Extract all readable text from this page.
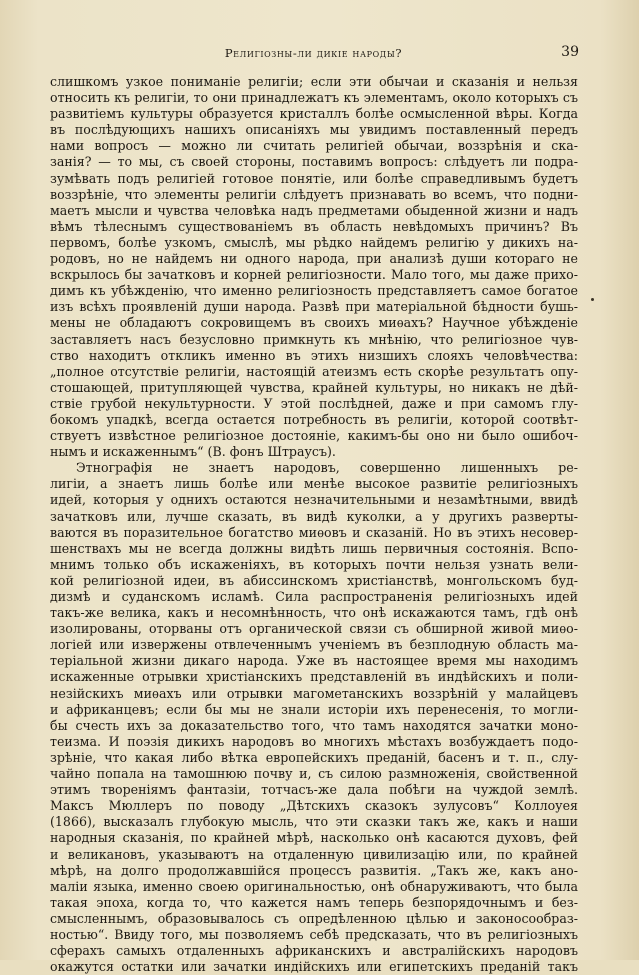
Религіозны-ли дикіе народы?	39
слишкомъ узкое пониманіе религіи; если эти обычаи и сказанія и нельзя
относить къ религіи, то они принадлежатъ къ элементамъ, около которыхъ съ
развитіемъ культуры образуется кристаллъ болѣе осмысленной вѣры. Когда
въ послѣдующихъ нашихъ описаніяхъ мы увидимъ поставленный передъ
нами вопросъ — можно ли считать религіей обычаи, воззрѣнія и ска-
занія? — то мы, съ своей стороны, поставимъ вопросъ: слѣдуетъ ли подра-
зумѣвать подъ религіей готовое понятіе, или болѣе справедливымъ будетъ
воззрѣніе, что элементы религіи слѣдуетъ признавать во всемъ, что подни-
маетъ мысли и чувства человѣка надъ предметами обыденной жизни и надъ
вѣмъ тѣлеснымъ существованіемъ въ область невѣдомыхъ причинъ? Въ
первомъ, болѣе узкомъ, смыслѣ, мы рѣдко найдемъ религію у дикихъ на-
родовъ, но не найдемъ ни одного народа, при анализѣ души котораго не
вскрылось бы зачатковъ и корней религіозности. Мало того, мы даже прихо-
димъ къ убѣжденію, что именно религіозность представляетъ самое богатое
изъ всѣхъ проявленій души народа. Развѣ при матеріальной бѣдности бушь-
мены не обладаютъ сокровищемъ въ своихъ миѳахъ? Научное убѣжденіе
заставляетъ насъ безусловно примкнуть къ мнѣнію, что религіозное чув-
ство находитъ откликъ именно въ этихъ низшихъ слояхъ человѣчества:
„полное отсутствіе религіи, настоящій атеизмъ есть скорѣе результатъ опу-
стошающей, притупляющей чувства, крайней культуры, но никакъ не дѣй-
ствіе грубой некультурности. У этой послѣдней, даже и при самомъ глу-
бокомъ упадкѣ, всегда остается потребность въ религіи, которой соотвѣт-
ствуетъ извѣстное религіозное достояніе, какимъ-бы оно ни было ошибоч-
нымъ и искаженнымъ“ (В. фонъ Штраусъ).
Этнографія не знаетъ народовъ, совершенно лишенныхъ ре-
лигіи, а знаетъ лишь болѣе или менѣе высокое развитіе религіозныхъ
идей, которыя у однихъ остаются незначительными и незамѣтными, ввидѣ
зачатковъ или, лучше сказать, въ видѣ куколки, а у другихъ разверты-
ваются въ поразительное богатство миѳовъ и сказаній. Но въ этихъ несовер-
шенствахъ мы не всегда должны видѣть лишь первичныя состоянія. Вспо-
мнимъ только объ искаженіяхъ, въ которыхъ почти нельзя узнать вели-
кой религіозной идеи, въ абиссинскомъ христіанствѣ, монгольскомъ буд-
дизмѣ и суданскомъ исламѣ. Сила распространенія религіозныхъ идей
такъ-же велика, какъ и несомнѣнность, что онѣ искажаются тамъ, гдѣ онѣ
изолированы, оторваны отъ органической связи съ обширной живой миѳо-
логіей или извержены отвлеченнымъ ученіемъ въ безплодную область ма-
теріальной жизни дикаго народа. Уже въ настоящее время мы находимъ
искаженные отрывки христіанскихъ представленій въ индѣйскихъ и поли-
незійскихъ миѳахъ или отрывки магометанскихъ воззрѣній у малайцевъ
и африканцевъ; если бы мы не знали исторіи ихъ перенесенія, то могли-
бы счесть ихъ за доказательство того, что тамъ находятся зачатки моно-
теизма. И поэзія дикихъ народовъ во многихъ мѣстахъ возбуждаетъ подо-
зрѣніе, что какая либо вѣтка европейскихъ преданій, басенъ и т. п., слу-
чайно попала на тамошнюю почву и, съ силою размноженія, свойственной
этимъ твореніямъ фантазіи, тотчасъ-же дала побѣги на чуждой землѣ.
Максъ Мюллеръ по поводу „Дѣтскихъ сказокъ зулусовъ“ Коллоуея
(1866), высказалъ глубокую мысль, что эти сказки такъ же, какъ и наши
народныя сказанія, по крайней мѣрѣ, насколько онѣ касаются духовъ, фей
и великановъ, указываютъ на отдаленную цивилизацію или, по крайней
мѣрѣ, на долго продолжавшійся процессъ развитія. „Такъ же, какъ ано-
маліи языка, именно своею оригинальностью, онѣ обнаруживаютъ, что была
такая эпоха, когда то, что кажется намъ теперь безпорядочнымъ и без-
смысленнымъ, образовывалось съ опредѣленною цѣлью и законосообраз-
ностью“. Ввиду того, мы позволяемъ себѣ предсказать, что въ религіозныхъ
сферахъ самыхъ отдаленныхъ африканскихъ и австралійскихъ народовъ
окажутся остатки или зачатки индійскихъ или египетскихъ преданій такъ
